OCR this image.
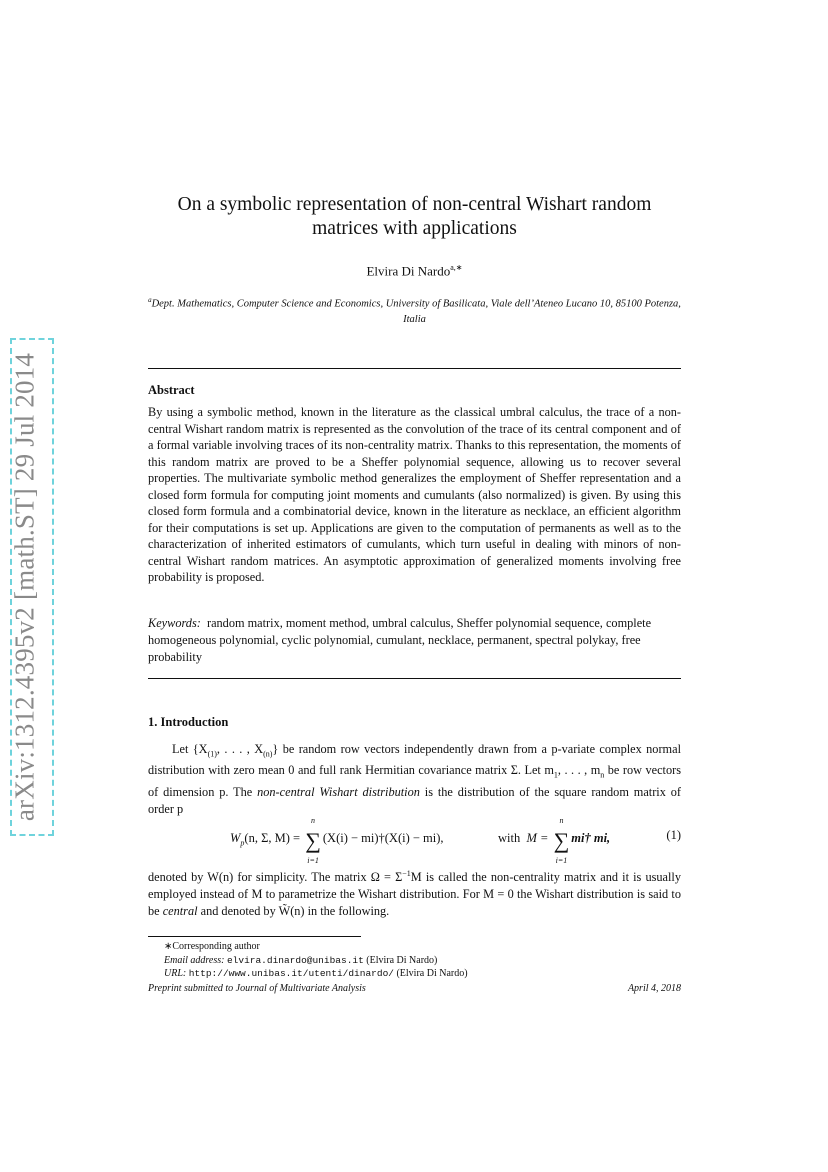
arXiv:1312.4395v2 [math.ST] 29 Jul 2014
On a symbolic representation of non-central Wishart random matrices with applications
Elvira Di Nardo$^{a,∗}$
$^a$Dept. Mathematics, Computer Science and Economics, University of Basilicata, Viale dell’Ateneo Lucano 10, 85100 Potenza, Italia
Abstract
By using a symbolic method, known in the literature as the classical umbral calculus, the trace of a non-central Wishart random matrix is represented as the convolution of the trace of its central component and of a formal variable involving traces of its non-centrality matrix. Thanks to this representation, the moments of this random matrix are proved to be a Sheffer polynomial sequence, allowing us to recover several properties. The multivariate symbolic method generalizes the employment of Sheffer representation and a closed form formula for computing joint moments and cumulants (also normalized) is given. By using this closed form formula and a combinatorial device, known in the literature as necklace, an efficient algorithm for their computations is set up. Applications are given to the computation of permanents as well as to the characterization of inherited estimators of cumulants, which turn useful in dealing with minors of non-central Wishart random matrices. An asymptotic approximation of generalized moments involving free probability is proposed.
Keywords: random matrix, moment method, umbral calculus, Sheffer polynomial sequence, complete homogeneous polynomial, cyclic polynomial, cumulant, necklace, permanent, spectral polykay, free probability
1. Introduction
Let {$X_{(1)}$, . . . , $X_{(n)}$} be random row vectors independently drawn from a p-variate complex normal distribution with zero mean 0 and full rank Hermitian covariance matrix Σ. Let $m_1$, . . . , $m_n$ be row vectors of dimension p. The non-central Wishart distribution is the distribution of the square random matrix of order p
$W_p(n$, Σ, M) = ∑
n
i=1
(X(i) − mi)†(X(i) − mi),	with M = ∑
n
i=1
mi† mi,	(1)
denoted by W(n) for simplicity. The matrix $\Omega = \Sigma^{-1}M$ is called the non-centrality matrix and it is usually employed instead of M to parametrize the Wishart distribution. For M = 0 the Wishart distribution is said to be central and denoted by W̃(n) in the following.
∗Corresponding author
Email address: elvira.dinardo@unibas.it (Elvira Di Nardo)
URL: http://www.unibas.it/utenti/dinardo/ (Elvira Di Nardo)
Preprint submitted to Journal of Multivariate Analysis	April 4, 2018
